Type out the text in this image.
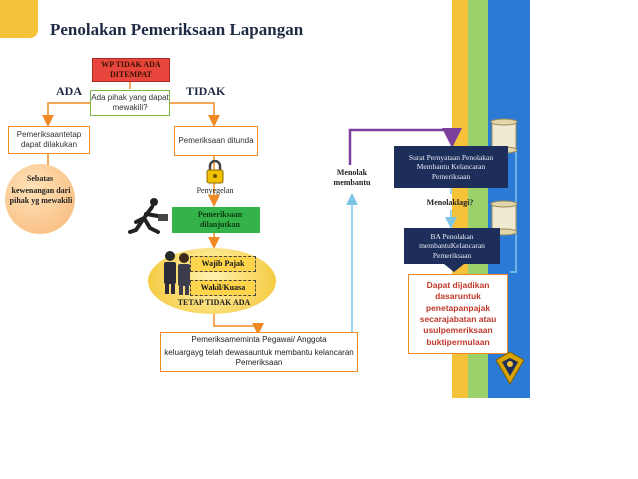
Penolakan Pemeriksaan Lapangan
WP TIDAK ADA DITEMPAT
ADA	TIDAK
Ada pihak yang dapat mewakili?
Pemeriksaantetap dapat dilakukan
Sebatas
kewenangan dari pihak yg mewakili
Pemeriksaan ditunda
Penyegelan
Pemeriksaan dilanjutkan
Wajib Pajak
Wakil/Kuasa
TETAP TIDAK ADA
Pemeriksameminta Pegawai/ Anggota
keluargayg telah dewasauntuk membantu kelancaran Pemeriksaan
Menolak membantu
Surat Pernyataan Penolakan Membantu Kelancaran Pemeriksaan
Menolaklagi?
BA Penolakan membantuKelancaran Pemeriksaan
Dapat dijadikan dasaruntuk penetapanpajak secarajabatan atau usulpemeriksaan buktipermulaan
